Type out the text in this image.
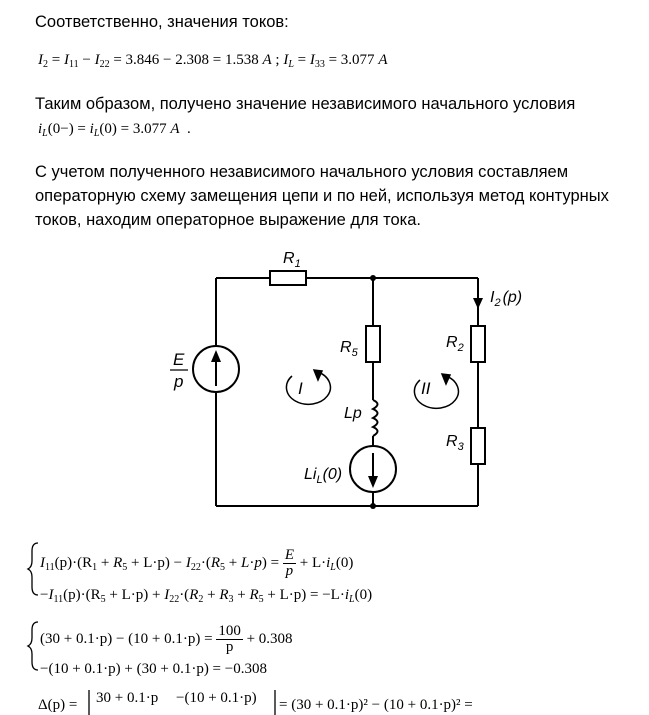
Соответственно, значения токов:
$I_2 = I_{11} - I_{22} = 3.846 - 2.308 = 1.538$ A ; $I_L = I_{33} = 3.077$ A
Таким образом, получено значение независимого начального условия
$i_L(0-) = i_L(0) = 3.077$ A .
С учетом полученного независимого начального условия составляем
операторную схему замещения цепи и по ней, используя метод контурных
токов, находим операторное выражение для тока.
$R_1$
$R_5$
$R_2$
$R_3$
$I_2$ (p)
E
p	I	II
Lp
$Li_L(0)$
$I_{11}(p)\cdot(R_1 + R_5 + L\cdot p) - I_{22}\cdot(R_5 + L\cdot p) = \frac{E}{p} + L\cdot i_L(0)$
$-I_{11}(p)\cdot(R_5 + L\cdot p) + I_{22}\cdot(R_2 + R_3 + R_5 + L\cdot p) = -L\cdot i_L(0)$
$(30 + 0.1\cdot p) - (10 + 0.1\cdot p) = \frac{100}{p} + 0.308$
−(10 + 0.1·p) + (30 + 0.1·p) = −0.308
Δ(p) = 30 + 0.1·p −(10 + 0.1·p) = (30 + 0.1·p)² − (10 + 0.1·p)² =
